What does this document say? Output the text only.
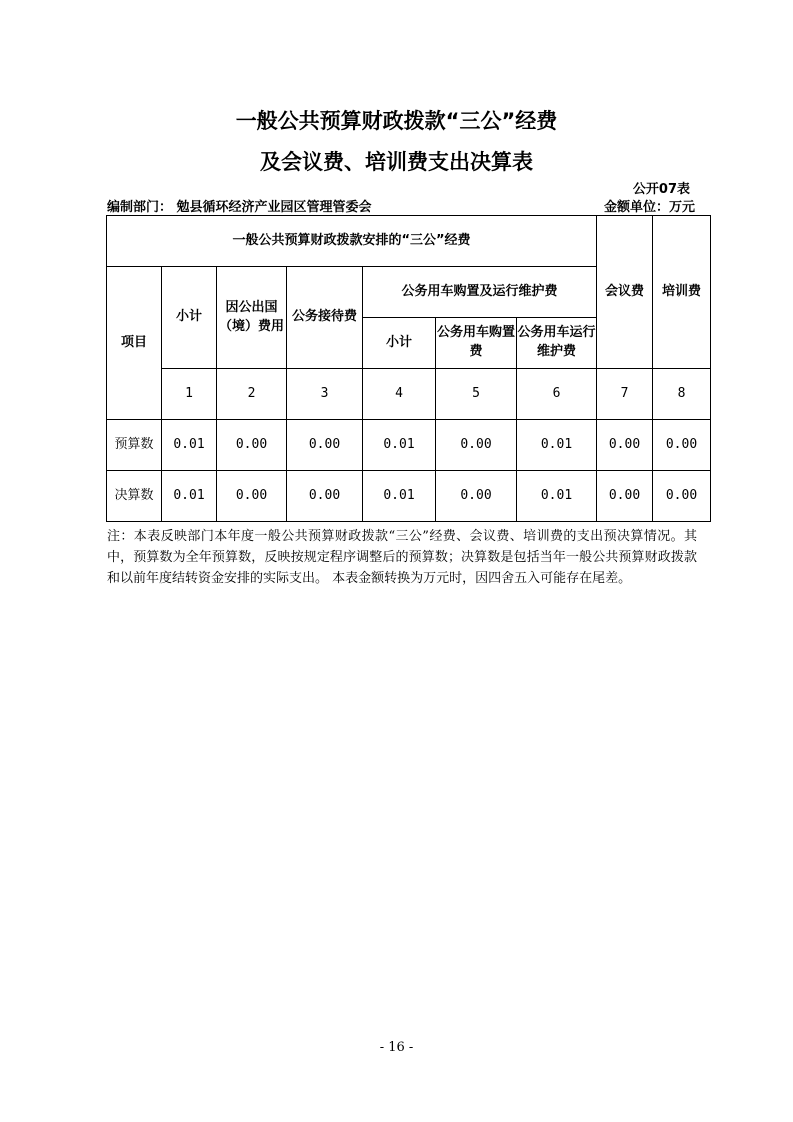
一般公共预算财政拨款“三公”经费
及会议费、培训费支出决算表
公开07表
编制部门： 勉县循环经济产业园区管理管委会	金额单位：万元
一般公共预算财政拨款安排的“三公”经费							会议费	培训费
项目	小计	因公出国（境）费用	公务接待费	公务用车购置及运行维护费				
				小计	公务用车购置费	公务用车运行维护费		
	1	2	3	4	5	6	7	8
预算数	0.01	0.00	0.00	0.01	0.00	0.01	0.00	0.00
决算数	0.01	0.00	0.00	0.01	0.00	0.01	0.00	0.00
注：本表反映部门本年度一般公共预算财政拨款“三公”经费、会议费、培训费的支出预决算情况。其中，预算数为全年预算数，反映按规定程序调整后的预算数；决算数是包括当年一般公共预算财政拨款和以前年度结转资金安排的实际支出。 本表金额转换为万元时，因四舍五入可能存在尾差。
- 16 -
